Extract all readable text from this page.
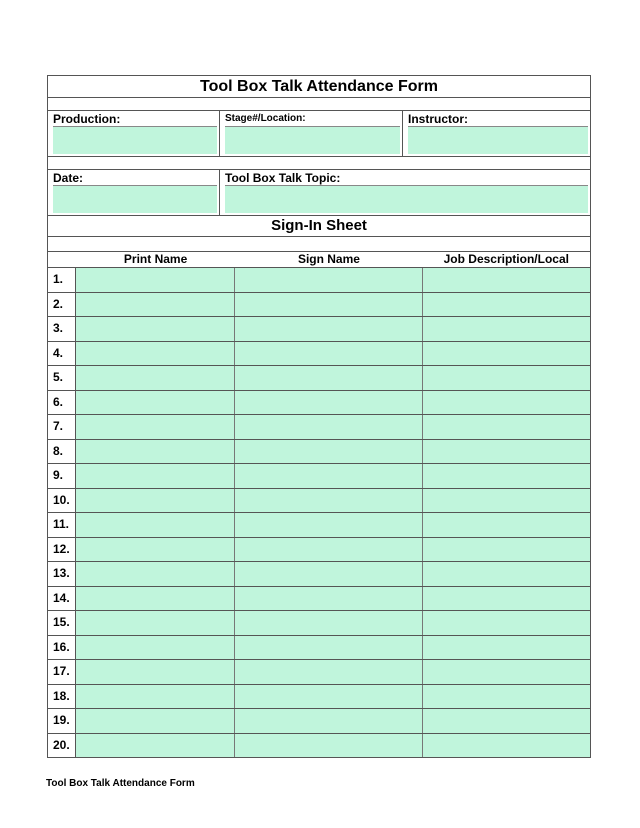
Tool Box Talk Attendance Form
Production:	Stage#/Location:	Instructor:
Date:	Tool Box Talk Topic:
Sign-In Sheet
Print Name	Sign Name	Job Description/Local
1.
2.
3.
4.
5.
6.
7.
8.
9.
10.
11.
12.
13.
14.
15.
16.
17.
18.
19.
20.
Tool Box Talk Attendance Form
